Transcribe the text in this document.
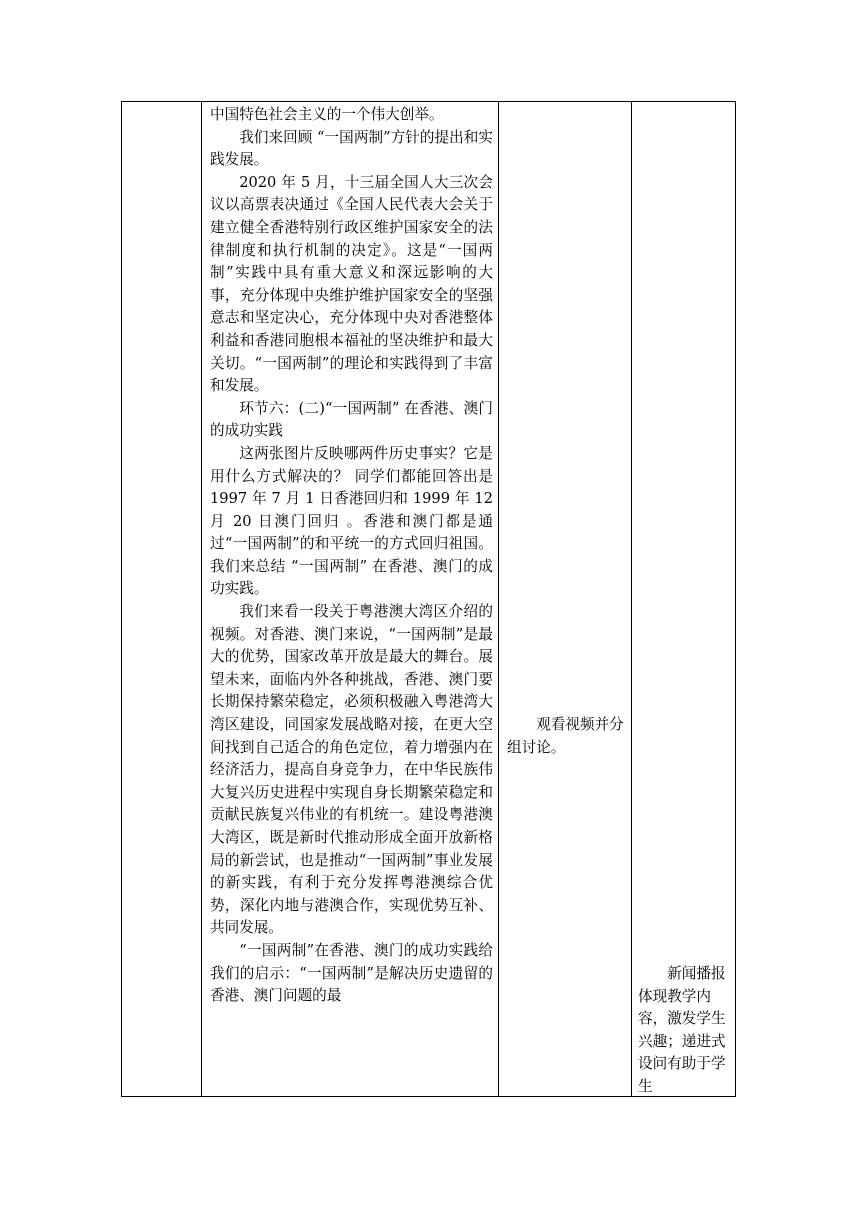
中国特色社会主义的一个伟大创举。

我们来回顾 “一国两制”方针的提出和实践发展。

2020 年 5 月，十三届全国人大三次会议以高票表决通过《全国人民代表大会关于建立健全香港特别行政区维护国家安全的法律制度和执行机制的决定》。这是“一国两制”实践中具有重大意义和深远影响的大事，充分体现中央维护维护国家安全的坚强意志和坚定决心，充分体现中央对香港整体利益和香港同胞根本福祉的坚决维护和最大关切。“一国两制”的理论和实践得到了丰富和发展。

环节六：(二)“一国两制” 在香港、澳门的成功实践

这两张图片反映哪两件历史事实？它是用什么方式解决的？ 同学们都能回答出是 1997 年 7 月 1 日香港回归和 1999 年 12 月 20 日澳门回归 。香港和澳门都是通过“一国两制”的和平统一的方式回归祖国。我们来总结 “一国两制” 在香港、澳门的成功实践。

我们来看一段关于粤港澳大湾区介绍的视频。对香港、澳门来说，“一国两制”是最大的优势，国家改革开放是最大的舞台。展望未来，面临内外各种挑战，香港、澳门要长期保持繁荣稳定，必须积极融入粤港湾大湾区建设，同国家发展战略对接，在更大空间找到自己适合的角色定位，着力增强内在经济活力，提高自身竞争力，在中华民族伟大复兴历史进程中实现自身长期繁荣稳定和贡献民族复兴伟业的有机统一。建设粤港澳大湾区，既是新时代推动形成全面开放新格局的新尝试，也是推动“一国两制”事业发展的新实践，有利于充分发挥粤港澳综合优势，深化内地与港澳合作，实现优势互补、共同发展。

“一国两制”在香港、澳门的成功实践给我们的启示：“一国两制”是解决历史遗留的香港、澳门问题的最

观看视频并分组讨论。

新闻播报体现教学内容，激发学生兴趣；递进式设问有助于学生
